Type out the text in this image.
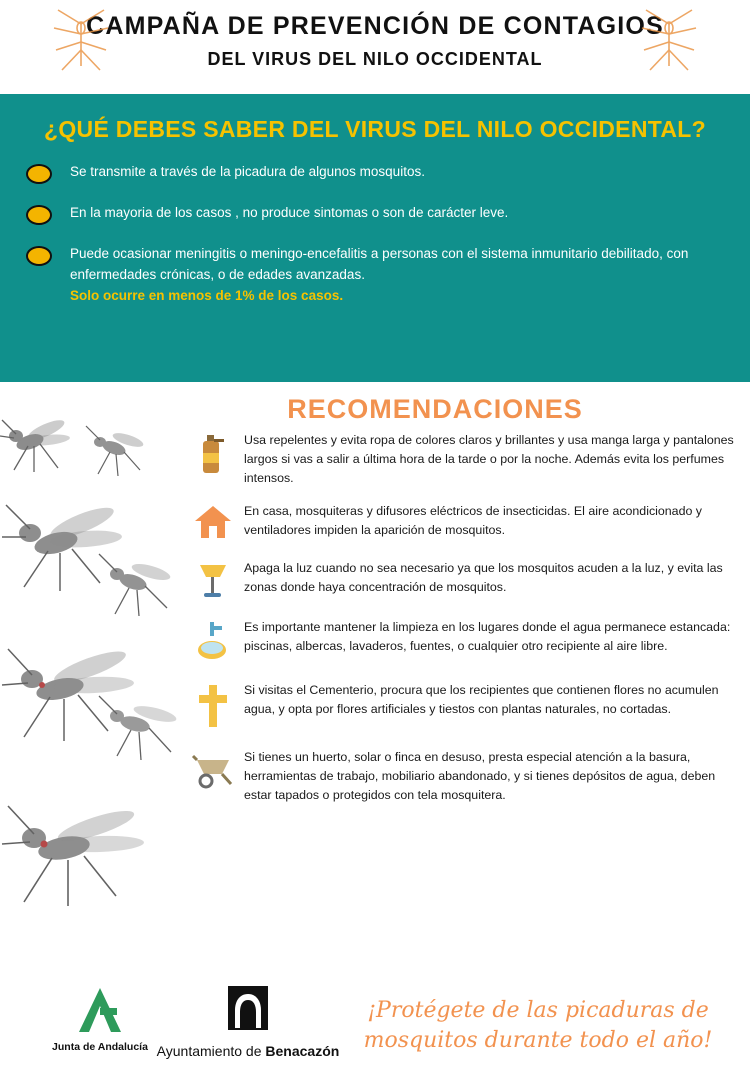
CAMPAÑA DE PREVENCIÓN DE CONTAGIOS
DEL VIRUS DEL NILO OCCIDENTAL
¿QUÉ DEBES SABER DEL VIRUS DEL NILO OCCIDENTAL?
Se transmite a través de la picadura de algunos mosquitos.
En la mayoria de los casos , no produce sintomas o son de carácter leve.
Puede ocasionar meningitis o meningo-encefalitis a personas con el sistema inmunitario debilitado, con enfermedades crónicas, o de edades avanzadas.
Solo ocurre en menos de 1% de los casos.
RECOMENDACIONES
Usa repelentes y evita ropa de colores claros y brillantes y usa manga larga y pantalones largos si vas a salir a última hora de la tarde o por la noche. Además evita los perfumes intensos.
En casa, mosquiteras y difusores eléctricos de insecticidas. El aire acondicionado y ventiladores impiden la aparición de mosquitos.
Apaga la luz cuando no sea necesario ya que los mosquitos acuden a la luz, y evita las zonas donde haya concentración de mosquitos.
Es importante mantener la limpieza en los lugares donde el agua permanece estancada: piscinas, albercas, lavaderos, fuentes, o cualquier otro recipiente al aire libre.
Si visitas el Cementerio, procura que los recipientes que contienen flores no acumulen agua, y opta por flores artificiales y tiestos con plantas naturales, no cortadas.
Si tienes un huerto, solar o finca en desuso, presta especial atención a la basura, herramientas de trabajo, mobiliario abandonado, y si tienes depósitos de agua, deben estar tapados o protegidos con tela mosquitera.
Junta de Andalucía Ayuntamiento de Benacazón
¡Protégete de las picaduras de
mosquitos durante todo el año!
